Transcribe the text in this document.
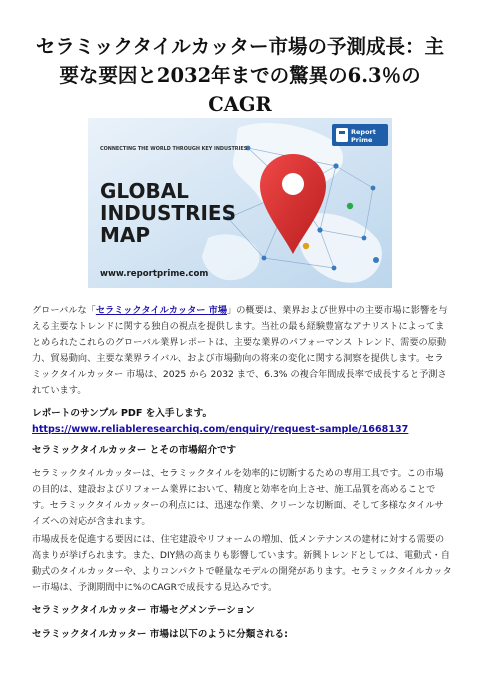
セラミックタイルカッター市場の予測成長：主要な要因と2032年までの驚異の6.3％のCAGR
Report
Prime
CONNECTING THE WORLD THROUGH KEY INDUSTRIES
GLOBAL
INDUSTRIES
MAP
www.reportprime.com

グローバルな「セラミックタイルカッター 市場」の概要は、業界および世界中の主要市場に影響を与える主要なトレンドに関する独自の視点を提供します。当社の最も経験豊富なアナリストによってまとめられたこれらのグローバル業界レポートは、主要な業界のパフォーマンス トレンド、需要の原動力、貿易動向、主要な業界ライバル、および市場動向の将来の変化に関する洞察を提供します。セラミックタイルカッター 市場は、2025 から 2032 まで、6.3% の複合年間成長率で成長すると予測されています。

レポートのサンプル PDF を入手します。https://www.reliableresearchiq.com/enquiry/request-sample/1668137

セラミックタイルカッター とその市場紹介です

セラミックタイルカッターは、セラミックタイルを効率的に切断するための専用工具です。この市場の目的は、建設およびリフォーム業界において、精度と効率を向上させ、施工品質を高めることです。セラミックタイルカッターの利点には、迅速な作業、クリーンな切断面、そして多様なタイルサイズへの対応が含まれます。

市場成長を促進する要因には、住宅建設やリフォームの増加、低メンテナンスの建材に対する需要の高まりが挙げられます。また、DIY熱の高まりも影響しています。新興トレンドとしては、電動式・自動式のタイルカッターや、よりコンパクトで軽量なモデルの開発があります。セラミックタイルカッター市場は、予測期間中に%のCAGRで成長する見込みです。

セラミックタイルカッター 市場セグメンテーション

セラミックタイルカッター 市場は以下のように分類される:
